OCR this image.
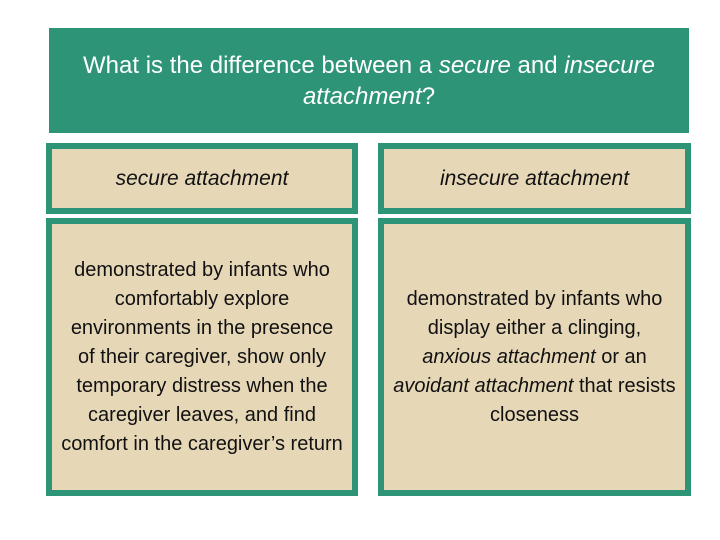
What is the difference between a secure and insecure attachment?
secure attachment	insecure attachment
demonstrated by infants who comfortably explore environments in the presence of their caregiver, show only temporary distress when the caregiver leaves, and find comfort in the caregiver’s return
demonstrated by infants who display either a clinging, anxious attachment or an avoidant attachment that resists closeness
